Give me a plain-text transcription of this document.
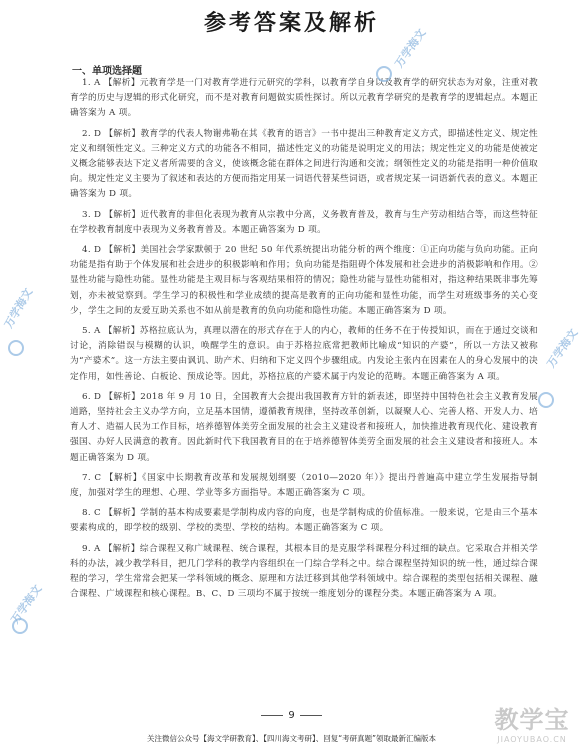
参考答案及解析
一、单项选择题

1. A 【解析】元教育学是一门对教育学进行元研究的学科，以教育学自身以及教育学的研究状态为对象，注重对教育学的历史与逻辑的形式化研究，而不是对教育问题做实质性探讨。所以元教育学研究的是教育学的逻辑起点。本题正确答案为 A 项。

2. D 【解析】教育学的代表人物谢弗勒在其《教育的语言》一书中提出三种教育定义方式，即描述性定义、规定性定义和纲领性定义。三种定义方式的功能各不相同，描述性定义的功能是说明定义的用法；规定性定义的功能是使被定义概念能够表达下定义者所需要的含义，使该概念能在群体之间进行沟通和交流；纲领性定义的功能是指明一种价值取向。规定性定义主要为了叙述和表达的方便而指定用某一词语代替某些词语，或者规定某一词语新代表的意义。本题正确答案为 D 项。

3. D 【解析】近代教育的非但化表现为教育从宗教中分离，义务教育普及，教育与生产劳动相结合等，而这些特征在学校教育制度中表现为义务教育普及。本题正确答案为 D 项。

4. D 【解析】美国社会学家默顿于 20 世纪 50 年代系统提出功能分析的两个维度：①正向功能与负向功能。正向功能是指有助于个体发展和社会进步的积极影响和作用；负向功能是指阻碍个体发展和社会进步的消极影响和作用。②显性功能与隐性功能。显性功能是主观目标与客观结果相符的情况；隐性功能与显性功能相对，指这种结果既非事先筹划，亦未被觉察到。学生学习的积极性和学业成绩的提高是教育的正向功能和显性功能，而学生对班级事务的关心变少，学生之间的友爱互助关系也不如从前是教育的负向功能和隐性功能。本题正确答案为 D 项。

5. A 【解析】苏格拉底认为，真理以潜在的形式存在于人的内心，教师的任务不在于传授知识，而在于通过交谈和讨论，消除错误与模糊的认识，唤醒学生的意识。由于苏格拉底常把教师比喻成“知识的产婆”，所以一方法又被称为“产婆术”。这一方法主要由讽讥、助产术、归纳和下定义四个步骤组成。内发论主张内在因素在人的身心发展中的决定作用，如性善论、白板论、预成论等。因此，苏格拉底的产婆术属于内发论的范畴。本题正确答案为 A 项。

6. D 【解析】2018 年 9 月 10 日，全国教育大会提出我国教育方针的新表述，即坚持中国特色社会主义教育发展道路，坚持社会主义办学方向，立足基本国情，遵循教育规律，坚持改革创新，以凝聚人心、完善人格、开发人力、培育人才、造福人民为工作目标，培养德智体美劳全面发展的社会主义建设者和接班人，加快推进教育现代化、建设教育强国、办好人民满意的教育。因此新时代下我国教育目的在于培养德智体美劳全面发展的社会主义建设者和接班人。本题正确答案为 D 项。

7. C 【解析】《国家中长期教育改革和发展规划纲要（2010—2020 年）》提出丹普遍高中建立学生发展指导制度，加强对学生的理想、心理、学业等多方面指导。本题正确答案为 C 项。

8. C 【解析】学制的基本构成要素是学制构成内容的向度，也是学制构成的价值标准。一般来说，它是由三个基本要素构成的，即学校的级别、学校的类型、学校的结构。本题正确答案为 C 项。

9. A 【解析】综合课程又称广域课程、统合课程，其根本目的是克服学科课程分科过细的缺点。它采取合并相关学科的办法，减少教学科目，把几门学科的教学内容组织在一门综合学科之中。综合课程坚持知识的统一性，通过综合课程的学习，学生常常会把某一学科领域的概念、原理和方法迁移到其他学科领域中。综合课程的类型包括相关课程、融合课程、广域课程和核心课程。B、C、D 三项均不属于按统一维度划分的课程分类。本题正确答案为 A 项。

9
关注微信公众号【海文学研教育】、【四川海文考研】、回复“考研真题”领取最新汇编版本
万学海文
万学海文
万学海文
万学海文
教学宝
JIAOYUBAO.CN
